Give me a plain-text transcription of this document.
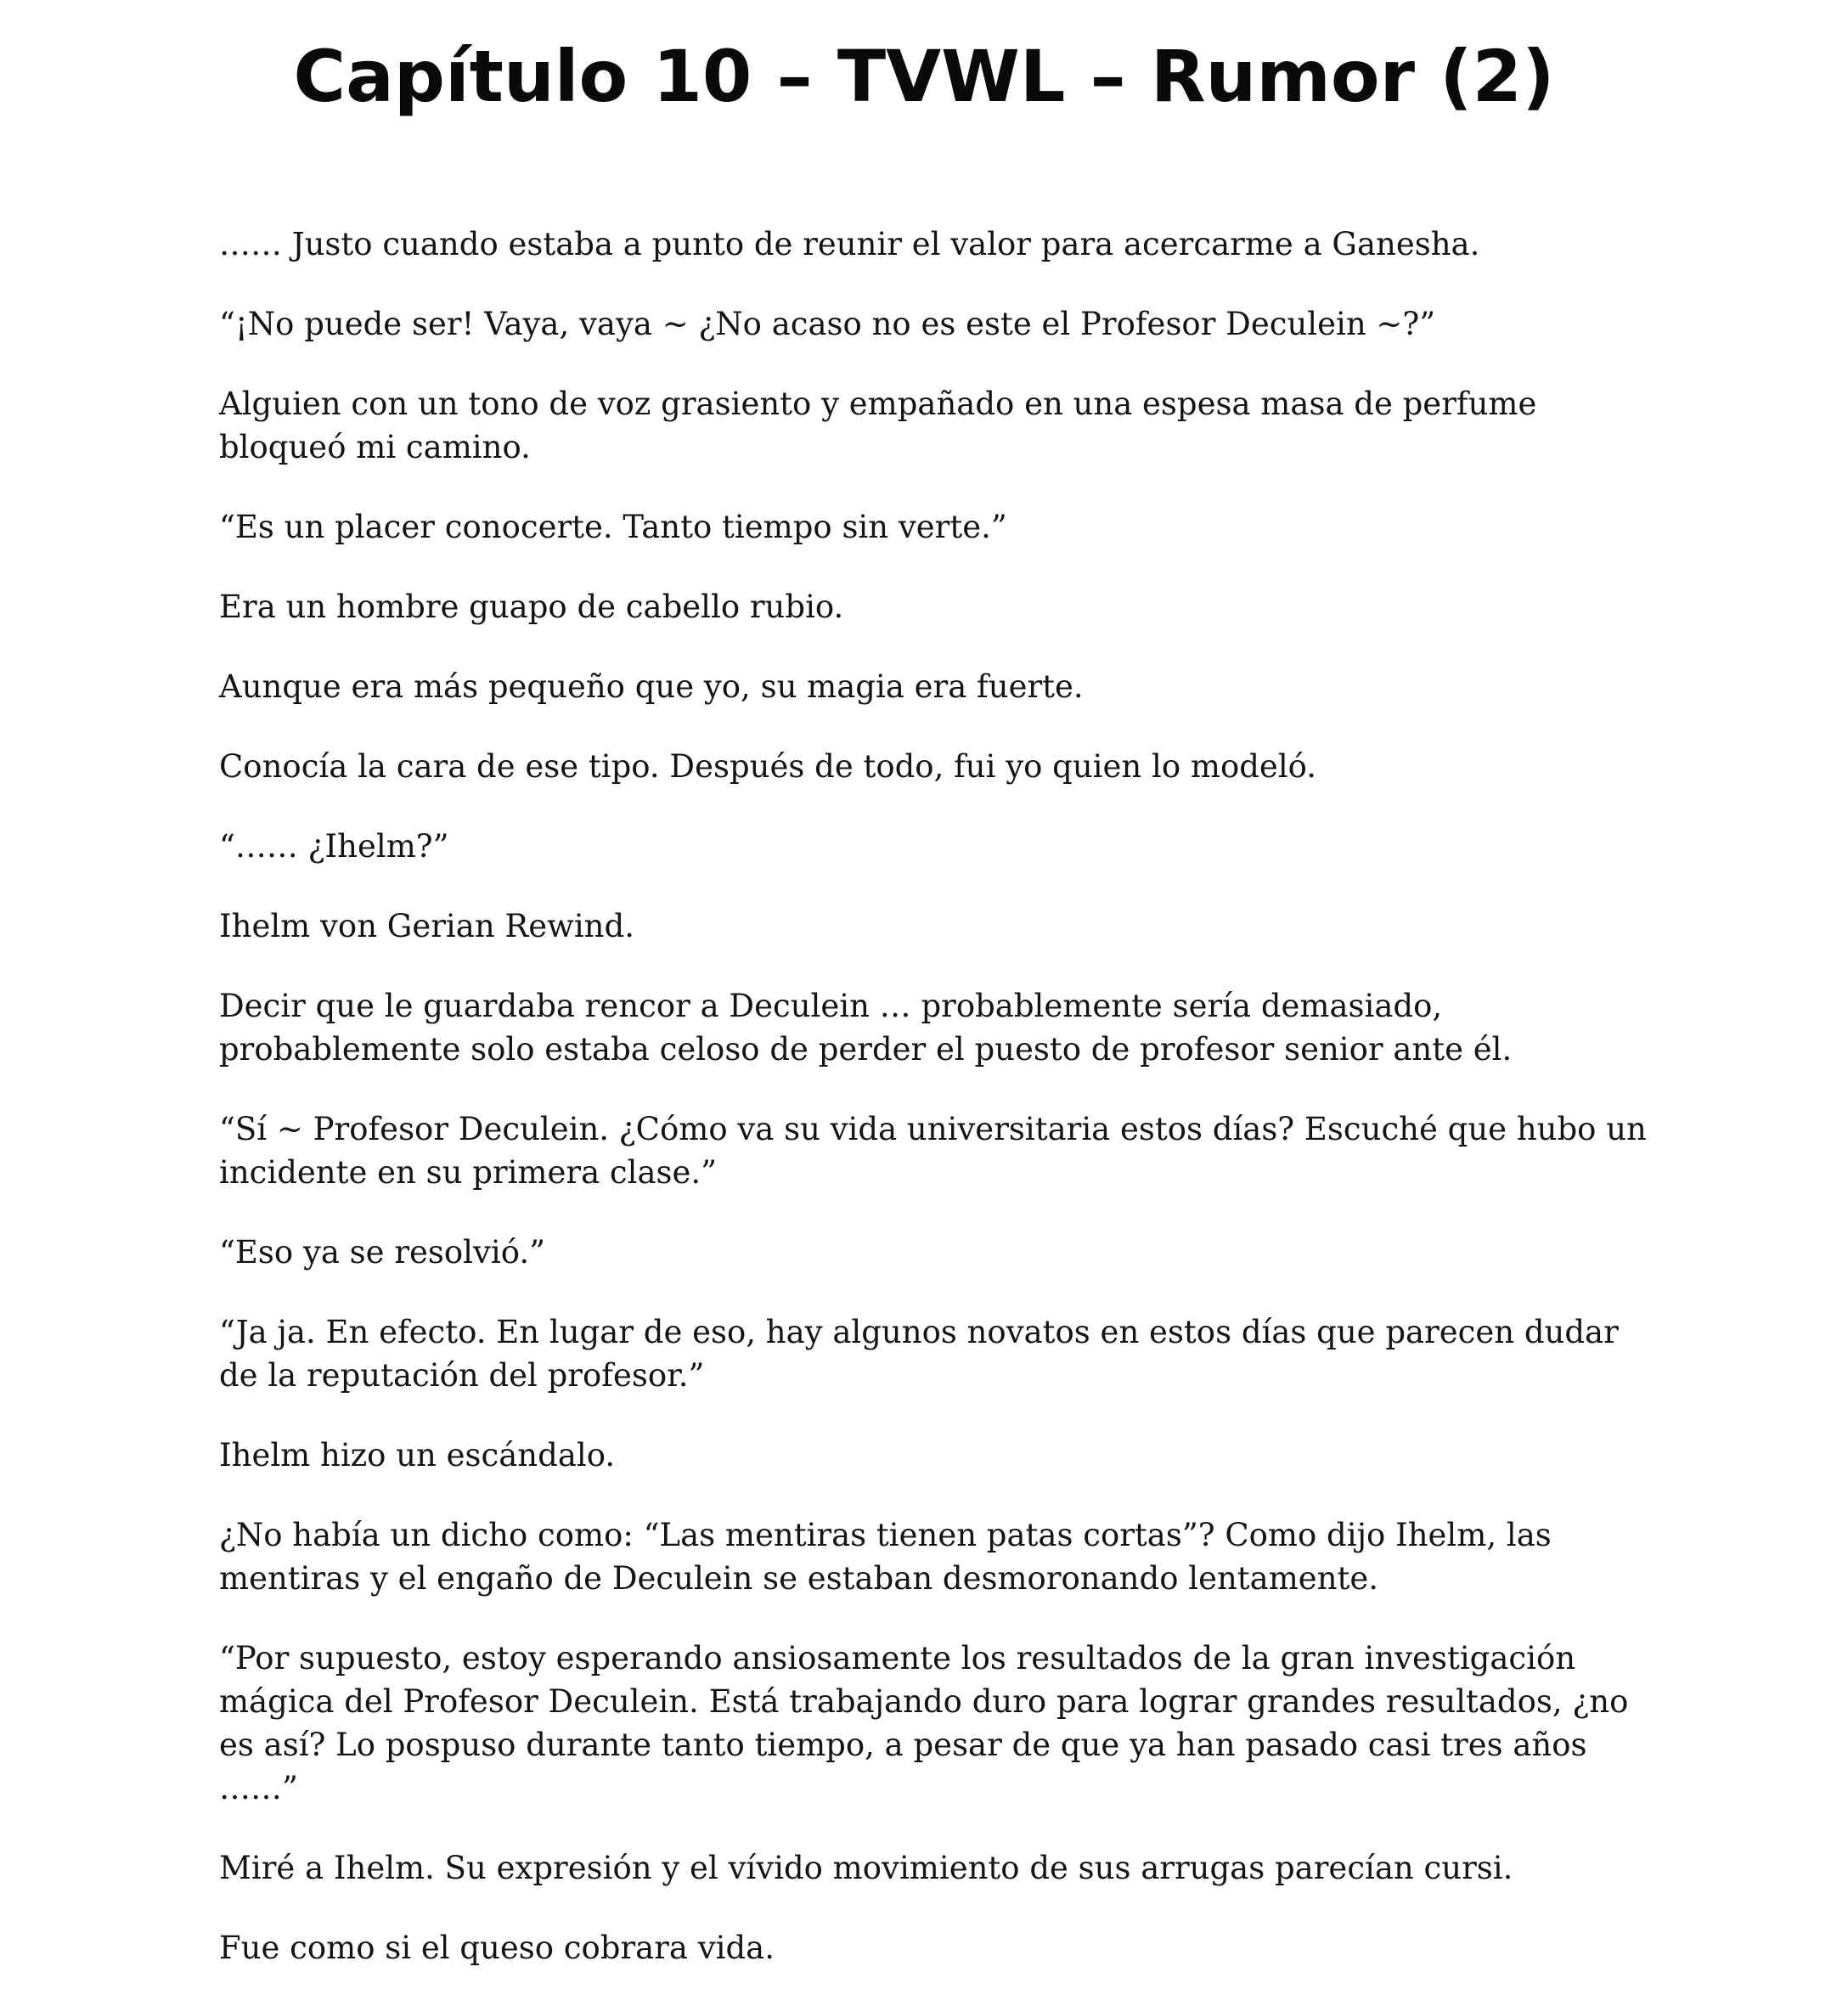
Capítulo 10 – TVWL – Rumor (2)

…… Justo cuando estaba a punto de reunir el valor para acercarme a Ganesha.

“¡No puede ser! Vaya, vaya ~ ¿No acaso no es este el Profesor Deculein ~?”

Alguien con un tono de voz grasiento y empañado en una espesa masa de perfume bloqueó mi camino.

“Es un placer conocerte. Tanto tiempo sin verte.”

Era un hombre guapo de cabello rubio.

Aunque era más pequeño que yo, su magia era fuerte.

Conocía la cara de ese tipo. Después de todo, fui yo quien lo modeló.

“…… ¿Ihelm?”

Ihelm von Gerian Rewind.

Decir que le guardaba rencor a Deculein … probablemente sería demasiado, probablemente solo estaba celoso de perder el puesto de profesor senior ante él.

“Sí ~ Profesor Deculein. ¿Cómo va su vida universitaria estos días? Escuché que hubo un incidente en su primera clase.”

“Eso ya se resolvió.”

“Ja ja. En efecto. En lugar de eso, hay algunos novatos en estos días que parecen dudar de la reputación del profesor.”

Ihelm hizo un escándalo.

¿No había un dicho como: “Las mentiras tienen patas cortas”? Como dijo Ihelm, las mentiras y el engaño de Deculein se estaban desmoronando lentamente.

“Por supuesto, estoy esperando ansiosamente los resultados de la gran investigación mágica del Profesor Deculein. Está trabajando duro para lograr grandes resultados, ¿no es así? Lo pospuso durante tanto tiempo, a pesar de que ya han pasado casi tres años ……”

Miré a Ihelm. Su expresión y el vívido movimiento de sus arrugas parecían cursi.

Fue como si el queso cobrara vida.
